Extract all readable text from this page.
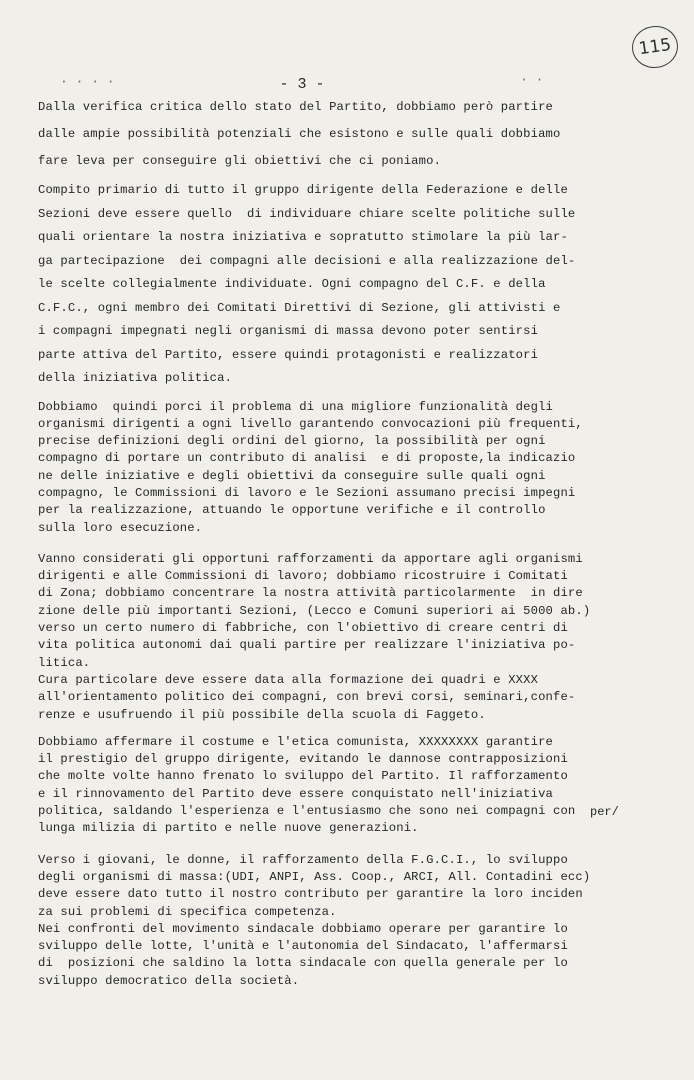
115
· · · ·	· ·
- 3 -
Dalla verifica critica dello stato del Partito, dobbiamo però partire
dalle ampie possibilità potenziali che esistono e sulle quali dobbiamo
fare leva per conseguire gli obiettivi che ci poniamo.
Compito primario di tutto il gruppo dirigente della Federazione e delle
Sezioni deve essere quello  di individuare chiare scelte politiche sulle
quali orientare la nostra iniziativa e sopratutto stimolare la più lar-
ga partecipazione  dei compagni alle decisioni e alla realizzazione del-
le scelte collegialmente individuate. Ogni compagno del C.F. e della
C.F.C., ogni membro dei Comitati Direttivi di Sezione, gli attivisti e
i compagni impegnati negli organismi di massa devono poter sentirsi
parte attiva del Partito, essere quindi protagonisti e realizzatori
della iniziativa politica.
Dobbiamo  quindi porci il problema di una migliore funzionalità degli
organismi dirigenti a ogni livello garantendo convocazioni più frequenti,
precise definizioni degli ordini del giorno, la possibilità per ogni
compagno di portare un contributo di analisi  e di proposte,la indicazio
ne delle iniziative e degli obiettivi da conseguire sulle quali ogni
compagno, le Commissioni di lavoro e le Sezioni assumano precisi impegni
per la realizzazione, attuando le opportune verifiche e il controllo
sulla loro esecuzione.
Vanno considerati gli opportuni rafforzamenti da apportare agli organismi
dirigenti e alle Commissioni di lavoro; dobbiamo ricostruire i Comitati
di Zona; dobbiamo concentrare la nostra attività particolarmente  in dire
zione delle più importanti Sezioni, (Lecco e Comuni superiori ai 5000 ab.)
verso un certo numero di fabbriche, con l'obiettivo di creare centri di
vita politica autonomi dai quali partire per realizzare l'iniziativa po-
litica.
Cura particolare deve essere data alla formazione dei quadri e XXXX
all'orientamento politico dei compagni, con brevi corsi, seminari,confe-
renze e usufruendo il più possibile della scuola di Faggeto.
Dobbiamo affermare il costume e l'etica comunista, XXXXXXXX garantire
il prestigio del gruppo dirigente, evitando le dannose contrapposizioni
che molte volte hanno frenato lo sviluppo del Partito. Il rafforzamento
e il rinnovamento del Partito deve essere conquistato nell'iniziativa
politica, saldando l'esperienza e l'entusiasmo che sono nei compagni con
lunga milizia di partito e nelle nuove generazioni.
Verso i giovani, le donne, il rafforzamento della F.G.C.I., lo sviluppo
degli organismi di massa:(UDI, ANPI, Ass. Coop., ARCI, All. Contadini ecc)
deve essere dato tutto il nostro contributo per garantire la loro inciden
za sui problemi di specifica competenza.
Nei confronti del movimento sindacale dobbiamo operare per garantire lo
sviluppo delle lotte, l'unità e l'autonomia del Sindacato, l'affermarsi
di  posizioni che saldino la lotta sindacale con quella generale per lo
sviluppo democratico della società.
per/
